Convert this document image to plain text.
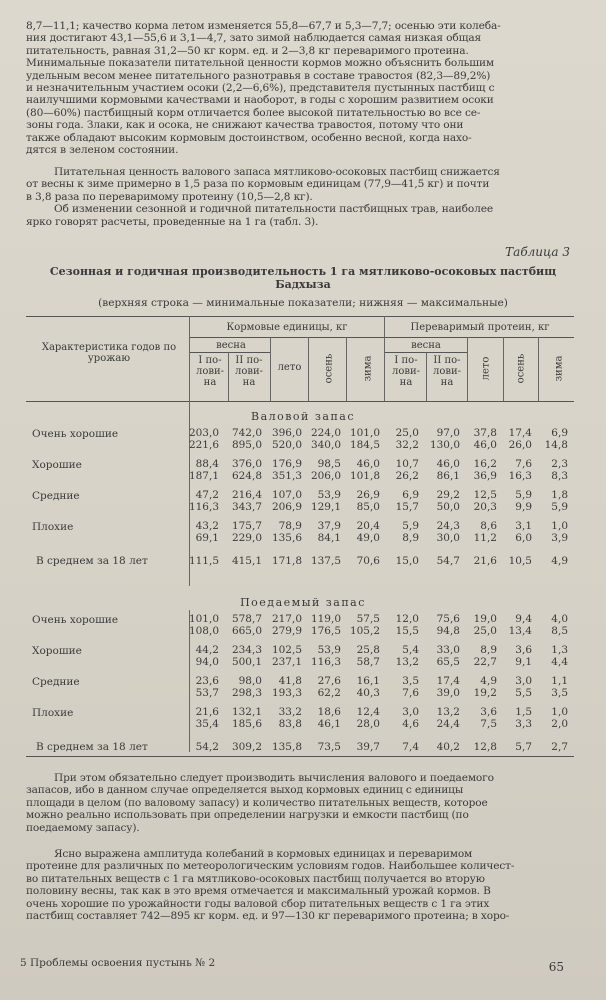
8,7—11,1; качество корма летом изменяется 55,8—67,7 и 5,3—7,7; осенью эти колеба-
ния достигают 43,1—55,6 и 3,1—4,7, зато зимой наблюдается самая низкая общая
питательность, равная 31,2—50 кг корм. ед. и 2—3,8 кг переваримого протеина.
Минимальные показатели питательной ценности кормов можно объяснить большим
удельным весом менее питательного разнотравья в составе травостоя (82,3—89,2%)
и незначительным участием осоки (2,2—6,6%), представителя пустынных пастбищ с
наилучшими кормовыми качествами и наоборот, в годы с хорошим развитием осоки
(80—60%) пастбищный корм отличается более высокой питательностью во все се-
зоны года. Злаки, как и осока, не снижают качества травостоя, потому что они
также обладают высоким кормовым достоинством, особенно весной, когда нахо-
дятся в зеленом состоянии.
Питательная ценность валового запаса мятликово-осоковых пастбищ снижается
от весны к зиме примерно в 1,5 раза по кормовым единицам (77,9—41,5 кг) и почти
в 3,8 раза по переваримому протеину (10,5—2,8 кг).
Об изменении сезонной и годичной питательности пастбищных трав, наиболее
ярко говорят расчеты, проведенные на 1 га (табл. 3).
Таблица 3
Сезонная и годичная производительность 1 га мятликово-осоковых пастбищ
Бадхыза
(верхняя строка — минимальные показатели; нижняя — максимальные)
Характеристика годов по урожаю
Кормовые единицы, кг	Переваримый протеин, кг
весна	весна
I по-лови-на
II по-лови-на
лето	осень	зима	I по-лови-на
II по-лови-на
лето осень	зима
Валовой запас
Очень хорошие	203,0	742,0 396,0 224,0 101,0	25,0	97,0	37,8	17,4	6,9
221,6	895,0 520,0 340,0 184,5	32,2	130,0	46,0	26,0	14,8
Хорошие	88,4	376,0 176,9	98,5	46,0	10,7	46,0	16,2	7,6	2,3
187,1	624,8 351,3 206,0 101,8	26,2	86,1	36,9	16,3	8,3
Средние	47,2	216,4 107,0	53,9	26,9	6,9	29,2	12,5	5,9	1,8
116,3	343,7 206,9 129,1	85,0	15,7	50,0	20,3	9,9	5,9
Плохие	43,2	175,7	78,9	37,9	20,4	5,9	24,3	8,6	3,1	1,0
69,1	229,0 135,6	84,1	49,0	8,9	30,0	11,2	6,0	3,9
В среднем за 18 лет	111,5	415,1 171,8 137,5	70,6	15,0	54,7	21,6	10,5	4,9
Поедаемый запас
Очень хорошие	101,0	578,7 217,0 119,0	57,5	12,0	75,6	19,0	9,4	4,0
108,0	665,0 279,9 176,5 105,2	15,5	94,8	25,0	13,4	8,5
Хорошие	44,2	234,3 102,5	53,9	25,8	5,4	33,0	8,9	3,6	1,3
94,0	500,1 237,1 116,3	58,7	13,2	65,5	22,7	9,1	4,4
Средние	23,6	98,0	41,8	27,6	16,1	3,5	17,4	4,9	3,0	1,1
53,7	298,3 193,3	62,2	40,3	7,6	39,0	19,2	5,5	3,5
Плохие	21,6	132,1	33,2	18,6	12,4	3,0	13,2	3,6	1,5	1,0
35,4	185,6	83,8	46,1	28,0	4,6	24,4	7,5	3,3	2,0
В среднем за 18 лет	54,2	309,2 135,8	73,5	39,7	7,4	40,2	12,8	5,7	2,7
При этом обязательно следует производить вычисления валового и поедаемого
запасов, ибо в данном случае определяется выход кормовых единиц с единицы
площади в целом (по валовому запасу) и количество питательных веществ, которое
можно реально использовать при определении нагрузки и емкости пастбищ (по
поедаемому запасу).
Ясно выражена амплитуда колебаний в кормовых единицах и переваримом
протеине для различных по метеорологическим условиям годов. Наибольшее количест-
во питательных веществ с 1 га мятликово-осоковых пастбищ получается во вторую
половину весны, так как в это время отмечается и максимальный урожай кормов. В
очень хорошие по урожайности годы валовой сбор питательных веществ с 1 га этих
пастбищ составляет 742—895 кг корм. ед. и 97—130 кг переваримого протеина; в хоро-
5 Проблемы освоения пустынь № 2	65
